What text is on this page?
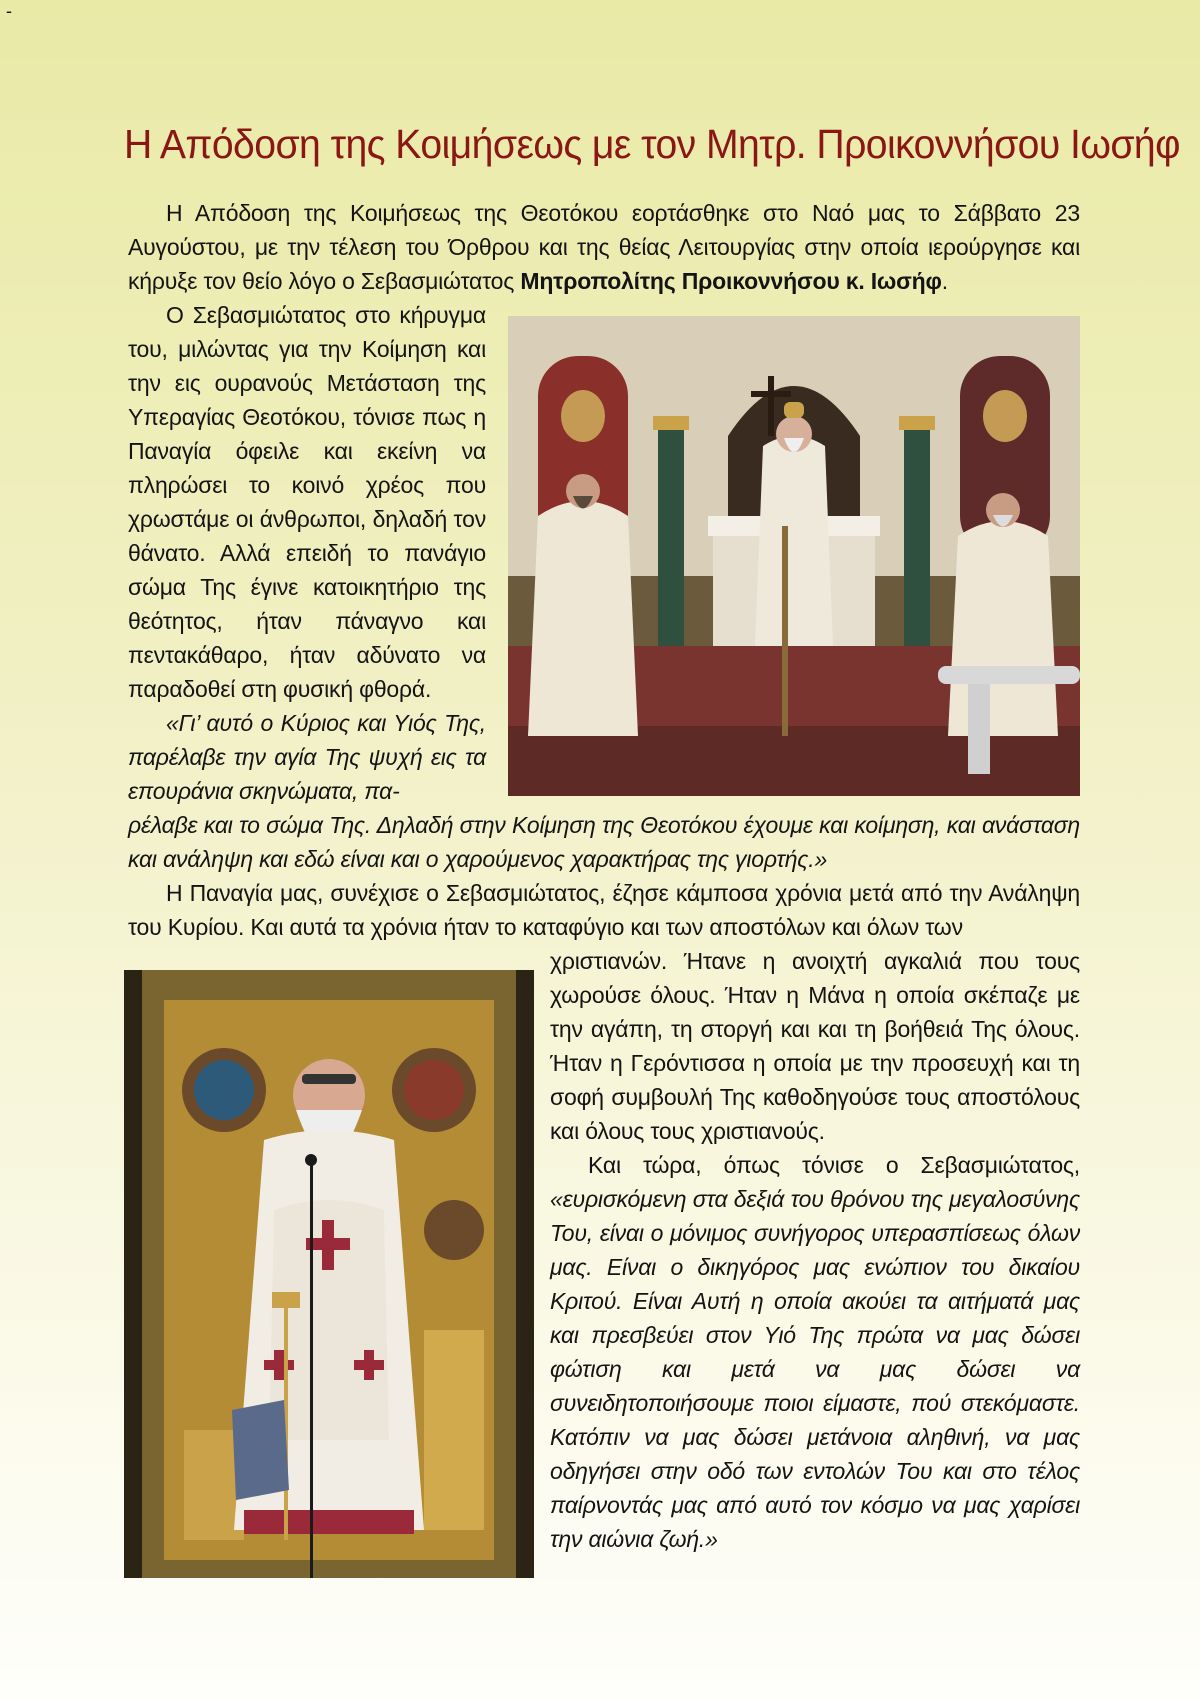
-
Η Απόδοση της Κοιμήσεως με τον Μητρ. Προικοννήσου Ιωσήφ

Η Απόδοση της Κοιμήσεως της Θεοτόκου εορτάσθηκε στο Ναό μας το Σάββατο 23 Αυγούστου, με την τέλεση του Όρθρου και της θείας Λειτουργίας στην οποία ιερούργησε και κήρυξε τον θείο λόγο ο Σεβασμιώτατος Μητροπολίτης Προικοννήσου κ. Ιωσήφ.

Ο Σεβασμιώτατος στο κήρυγμα του, μιλώντας για την Κοίμηση και την εις ουρανούς Μετάσταση της Υπεραγίας Θεοτόκου, τόνισε πως η Παναγία όφειλε και εκείνη να πληρώσει το κοινό χρέος που χρωστάμε οι άνθρωποι, δηλαδή τον θάνατο. Αλλά επειδή το πανάγιο σώμα Της έγινε κατοικητήριο της θεότητος, ήταν πάναγνο και πεντακάθαρο, ήταν αδύνατο να παραδοθεί στη φυσική φθορά.

«Γι’ αυτό ο Κύριος και Υιός Της, παρέλαβε την αγία Της ψυχή εις τα επουράνια σκηνώματα, πα-

ρέλαβε και το σώμα Της. Δηλαδή στην Κοίμηση της Θεοτόκου έχουμε και κοίμηση, και ανάσταση και ανάληψη και εδώ είναι και ο χαρούμενος χαρακτήρας της γιορτής.»

Η Παναγία μας, συνέχισε ο Σεβασμιώτατος, έζησε κάμποσα χρόνια μετά από την Ανάληψη του Κυρίου. Και αυτά τα χρόνια ήταν το καταφύγιο και των αποστόλων και όλων των

χριστιανών. Ήτανε η ανοιχτή αγκαλιά που τους χωρούσε όλους. Ήταν η Μάνα η οποία σκέπαζε με την αγάπη, τη στοργή και και τη βοήθειά Της όλους. Ήταν η Γερόντισσα η οποία με την προσευχή και τη σοφή συμβουλή Της καθοδηγούσε τους αποστόλους και όλους τους χριστιανούς.

Και τώρα, όπως τόνισε ο Σεβασμιώτατος, «ευρισκόμενη στα δεξιά του θρόνου της μεγαλοσύνης Του, είναι ο μόνιμος συνήγορος υπερασπίσεως όλων μας. Είναι ο δικηγόρος μας ενώπιον του δικαίου Κριτού. Είναι Αυτή η οποία ακούει τα αιτήματά μας και πρεσβεύει στον Υιό Της πρώτα να μας δώσει φώτιση και μετά να μας δώσει να συνειδητοποιήσουμε ποιοι είμαστε, πού στεκόμαστε. Κατόπιν να μας δώσει μετάνοια αληθινή, να μας οδηγήσει στην οδό των εντολών Του και στο τέλος παίρνοντάς μας από αυτό τον κόσμο να μας χαρίσει την αιώνια ζωή.»
